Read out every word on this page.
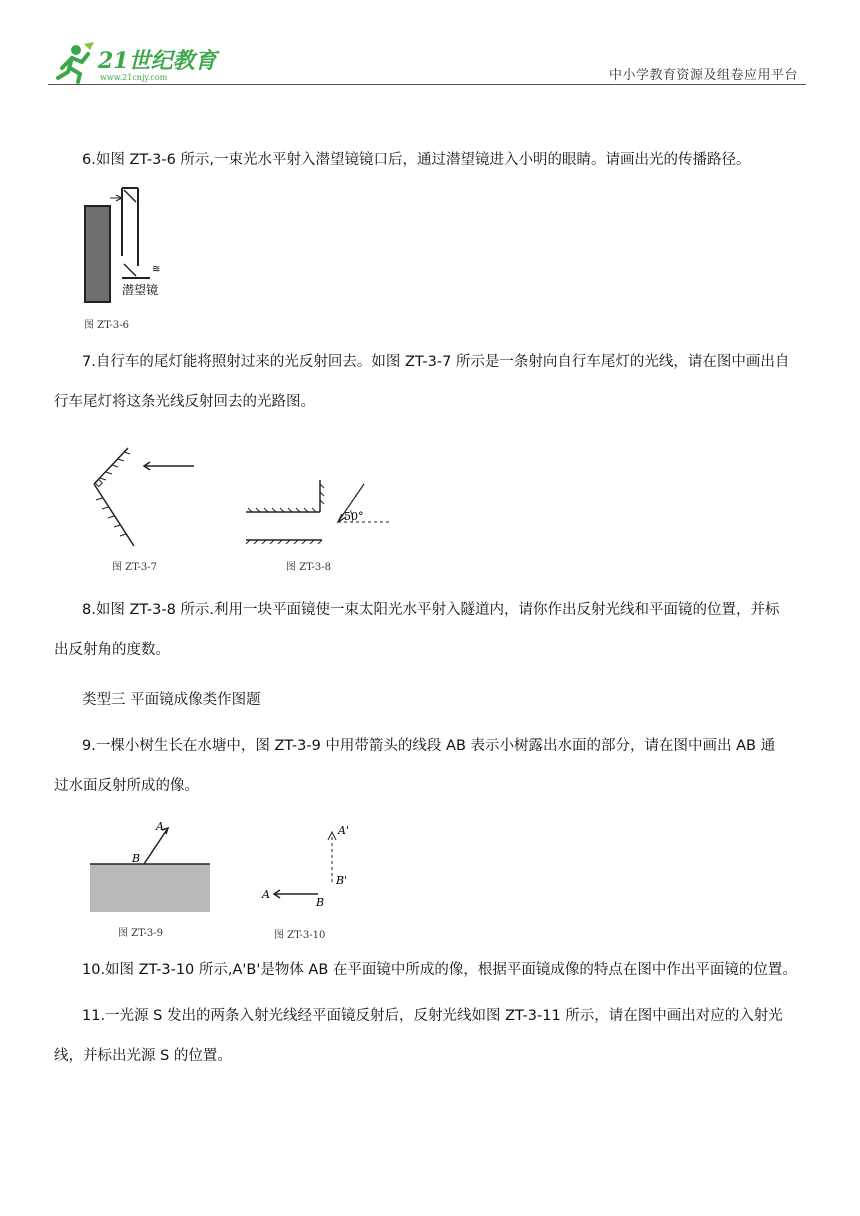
21世纪教育
www.21cnjy.com	中小学教育资源及组卷应用平台
6.如图 ZT-3-6 所示,一束光水平射入潜望镜镜口后，通过潜望镜进入小明的眼睛。请画出光的传播路径。
≋
潜望镜
图 ZT-3-6
7.自行车的尾灯能将照射过来的光反射回去。如图 ZT-3-7 所示是一条射向自行车尾灯的光线，请在图中画出自
行车尾灯将这条光线反射回去的光路图。
图 ZT-3-7
50°
图 ZT-3-8
8.如图 ZT-3-8 所示.利用一块平面镜使一束太阳光水平射入隧道内，请你作出反射光线和平面镜的位置，并标
出反射角的度数。
类型三 平面镜成像类作图题
9.一棵小树生长在水塘中，图 ZT-3-9 中用带箭头的线段 AB 表示小树露出水面的部分，请在图中画出 AB 通
过水面反射所成的像。
A
B
图 ZT-3-9
A'
B'
A
B
图 ZT-3-10
10.如图 ZT-3-10 所示,A'B'是物体 AB 在平面镜中所成的像，根据平面镜成像的特点在图中作出平面镜的位置。
11.一光源 S 发出的两条入射光线经平面镜反射后，反射光线如图 ZT-3-11 所示，请在图中画出对应的入射光
线，并标出光源 S 的位置。
